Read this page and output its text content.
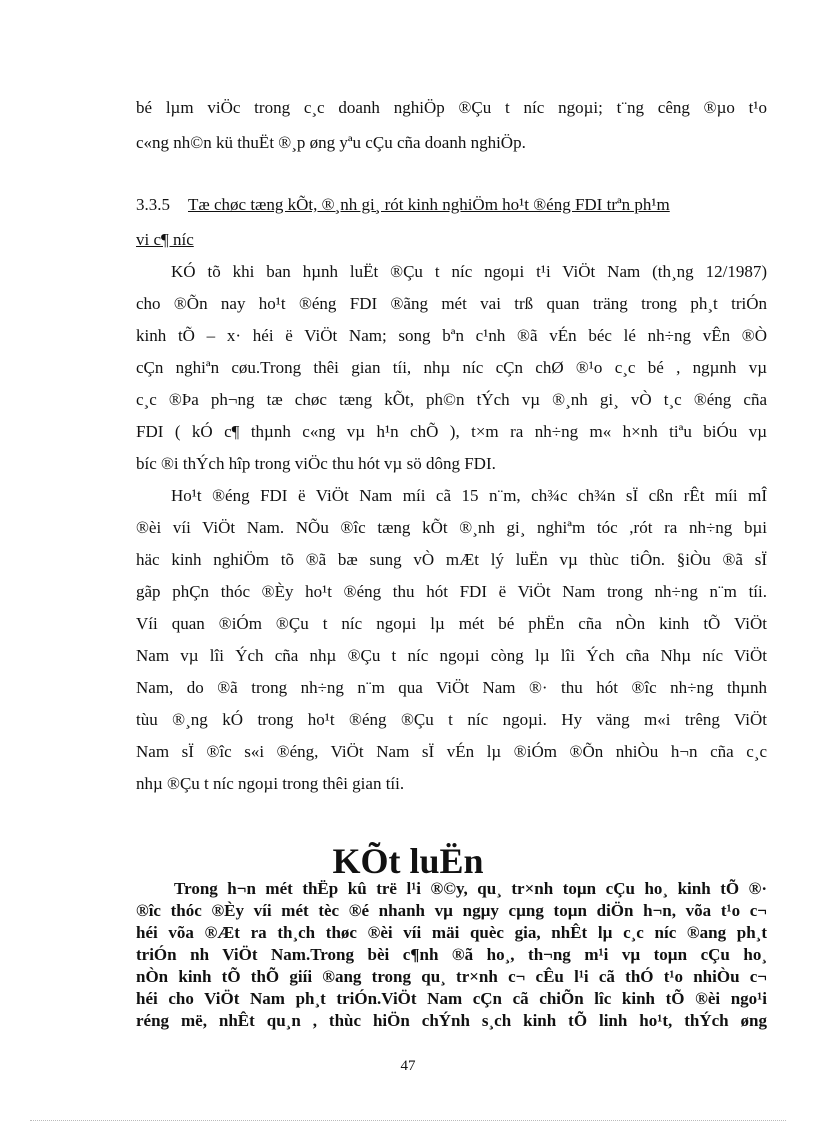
bé lµm viÖc trong c¸c doanh nghiÖp ®Çu t níc ngoµi; t¨ng cêng ®µo t¹o
c«ng nh©n kü thuËt ®¸p øng yªu cÇu cña doanh nghiÖp.
3.3.5 Tæ chøc tæng kÕt, ®¸nh gi¸ rót kinh nghiÖm ho¹t ®éng FDI trªn ph¹m
vi c¶ níc
KÓ tõ khi ban hµnh luËt ®Çu t níc ngoµi t¹i ViÖt Nam (th¸ng 12/1987)
cho ®Õn nay ho¹t ®éng FDI ®ãng mét vai trß quan träng trong ph¸t triÓn
kinh tÕ – x· héi ë ViÖt Nam; song bªn c¹nh ®ã vÉn béc lé nh÷ng vÊn ®Ò
cÇn nghiªn cøu.Trong thêi gian tíi, nhµ níc cÇn chØ ®¹o c¸c bé , ngµnh vµ
c¸c ®Þa ph¬ng tæ chøc tæng kÕt, ph©n tÝch vµ ®¸nh gi¸ vÒ t¸c ®éng cña
FDI ( kÓ c¶ thµnh c«ng vµ h¹n chÕ ), t×m ra nh÷ng m« h×nh tiªu biÓu vµ
bíc ®i thÝch hîp trong viÖc thu hót vµ sö dông FDI.
Ho¹t ®éng FDI ë ViÖt Nam míi cã 15 n¨m, ch¾c ch¾n sÏ cßn rÊt míi mÎ
®èi víi ViÖt Nam. NÕu ®îc tæng kÕt ®¸nh gi¸ nghiªm tóc ,rót ra nh÷ng bµi
häc kinh nghiÖm tõ ®ã bæ sung vÒ mÆt lý luËn vµ thùc tiÔn. §iÒu ®ã sÏ
gãp phÇn thóc ®Èy ho¹t ®éng thu hót FDI ë ViÖt Nam trong nh÷ng n¨m tíi.
Víi quan ®iÓm ®Çu t níc ngoµi lµ mét bé phËn cña nÒn kinh tÕ ViÖt
Nam vµ lîi Ých cña nhµ ®Çu t níc ngoµi còng lµ lîi Ých cña Nhµ níc ViÖt
Nam, do ®ã trong nh÷ng n¨m qua ViÖt Nam ®· thu hót ®îc nh÷ng thµnh
tùu ®¸ng kÓ trong ho¹t ®éng ®Çu t níc ngoµi. Hy väng m«i trêng ViÖt
Nam sÏ ®îc s«i ®éng, ViÖt Nam sÏ vÉn lµ ®iÓm ®Õn nhiÒu h¬n cña c¸c
nhµ ®Çu t níc ngoµi trong thêi gian tíi.
KÕt luËn
Trong h¬n mét thËp kû trë l¹i ®©y, qu¸ tr×nh toµn cÇu ho¸ kinh tÕ ®·
®îc thóc ®Èy víi mét tèc ®é nhanh vµ ngµy cµng toµn diÖn h¬n, võa t¹o c¬
héi võa ®Æt ra th¸ch thøc ®èi víi mäi quèc gia, nhÊt lµ c¸c níc ®ang ph¸t
triÓn nh ViÖt Nam.Trong bèi c¶nh ®ã ho¸, th¬ng m¹i vµ toµn cÇu ho¸
nÒn kinh tÕ thÕ giíi ®ang trong qu¸ tr×nh c¬ cÊu l¹i cã thÓ t¹o nhiÒu c¬
héi cho ViÖt Nam ph¸t triÓn.ViÖt Nam cÇn cã chiÕn lîc kinh tÕ ®èi ngo¹i
réng më, nhÊt qu¸n , thùc hiÖn chÝnh s¸ch kinh tÕ linh ho¹t, thÝch øng
47
